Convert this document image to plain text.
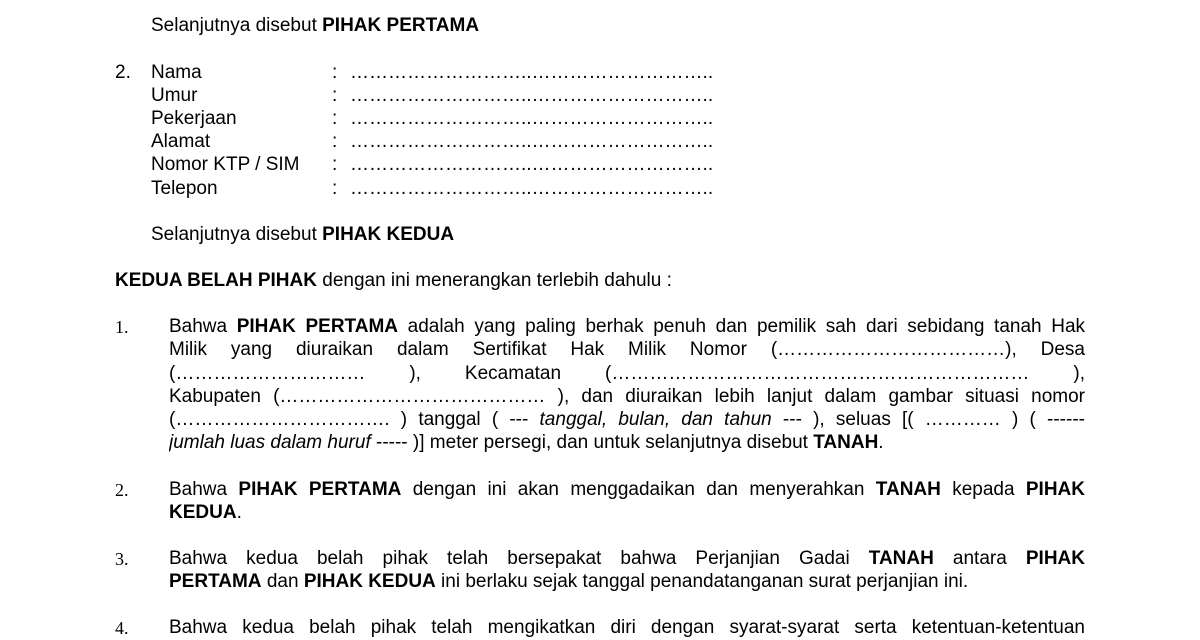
Selanjutnya disebut PIHAK PERTAMA
2. Nama	: ………………………..………………………..
Umur	: ………………………..………………………..
Pekerjaan	: ………………………..………………………..
Alamat	: ………………………..………………………..
Nomor KTP / SIM : ………………………..………………………..
Telepon	: ………………………..………………………..
Selanjutnya disebut PIHAK KEDUA
KEDUA BELAH PIHAK dengan ini menerangkan terlebih dahulu :
1. Bahwa PIHAK PERTAMA adalah yang paling berhak penuh dan pemilik sah dari sebidang tanah Hak
Milik yang diuraikan dalam Sertifikat Hak Milik Nomor (………………………………), Desa
(………………………… ), Kecamatan (………………………………………………………… ),
Kabupaten (…………………………………… ), dan diuraikan lebih lanjut dalam gambar situasi nomor
(……………………………. ) tanggal ( --- tanggal, bulan, dan tahun --- ), seluas [( ………… ) ( ------
jumlah luas dalam huruf ----- )] meter persegi, dan untuk selanjutnya disebut TANAH.
2. Bahwa PIHAK PERTAMA dengan ini akan menggadaikan dan menyerahkan TANAH kepada PIHAK
KEDUA.
3. Bahwa kedua belah pihak telah bersepakat bahwa Perjanjian Gadai TANAH antara PIHAK
PERTAMA dan PIHAK KEDUA ini berlaku sejak tanggal penandatanganan surat perjanjian ini.
4. Bahwa kedua belah pihak telah mengikatkan diri dengan syarat-syarat serta ketentuan-ketentuan
